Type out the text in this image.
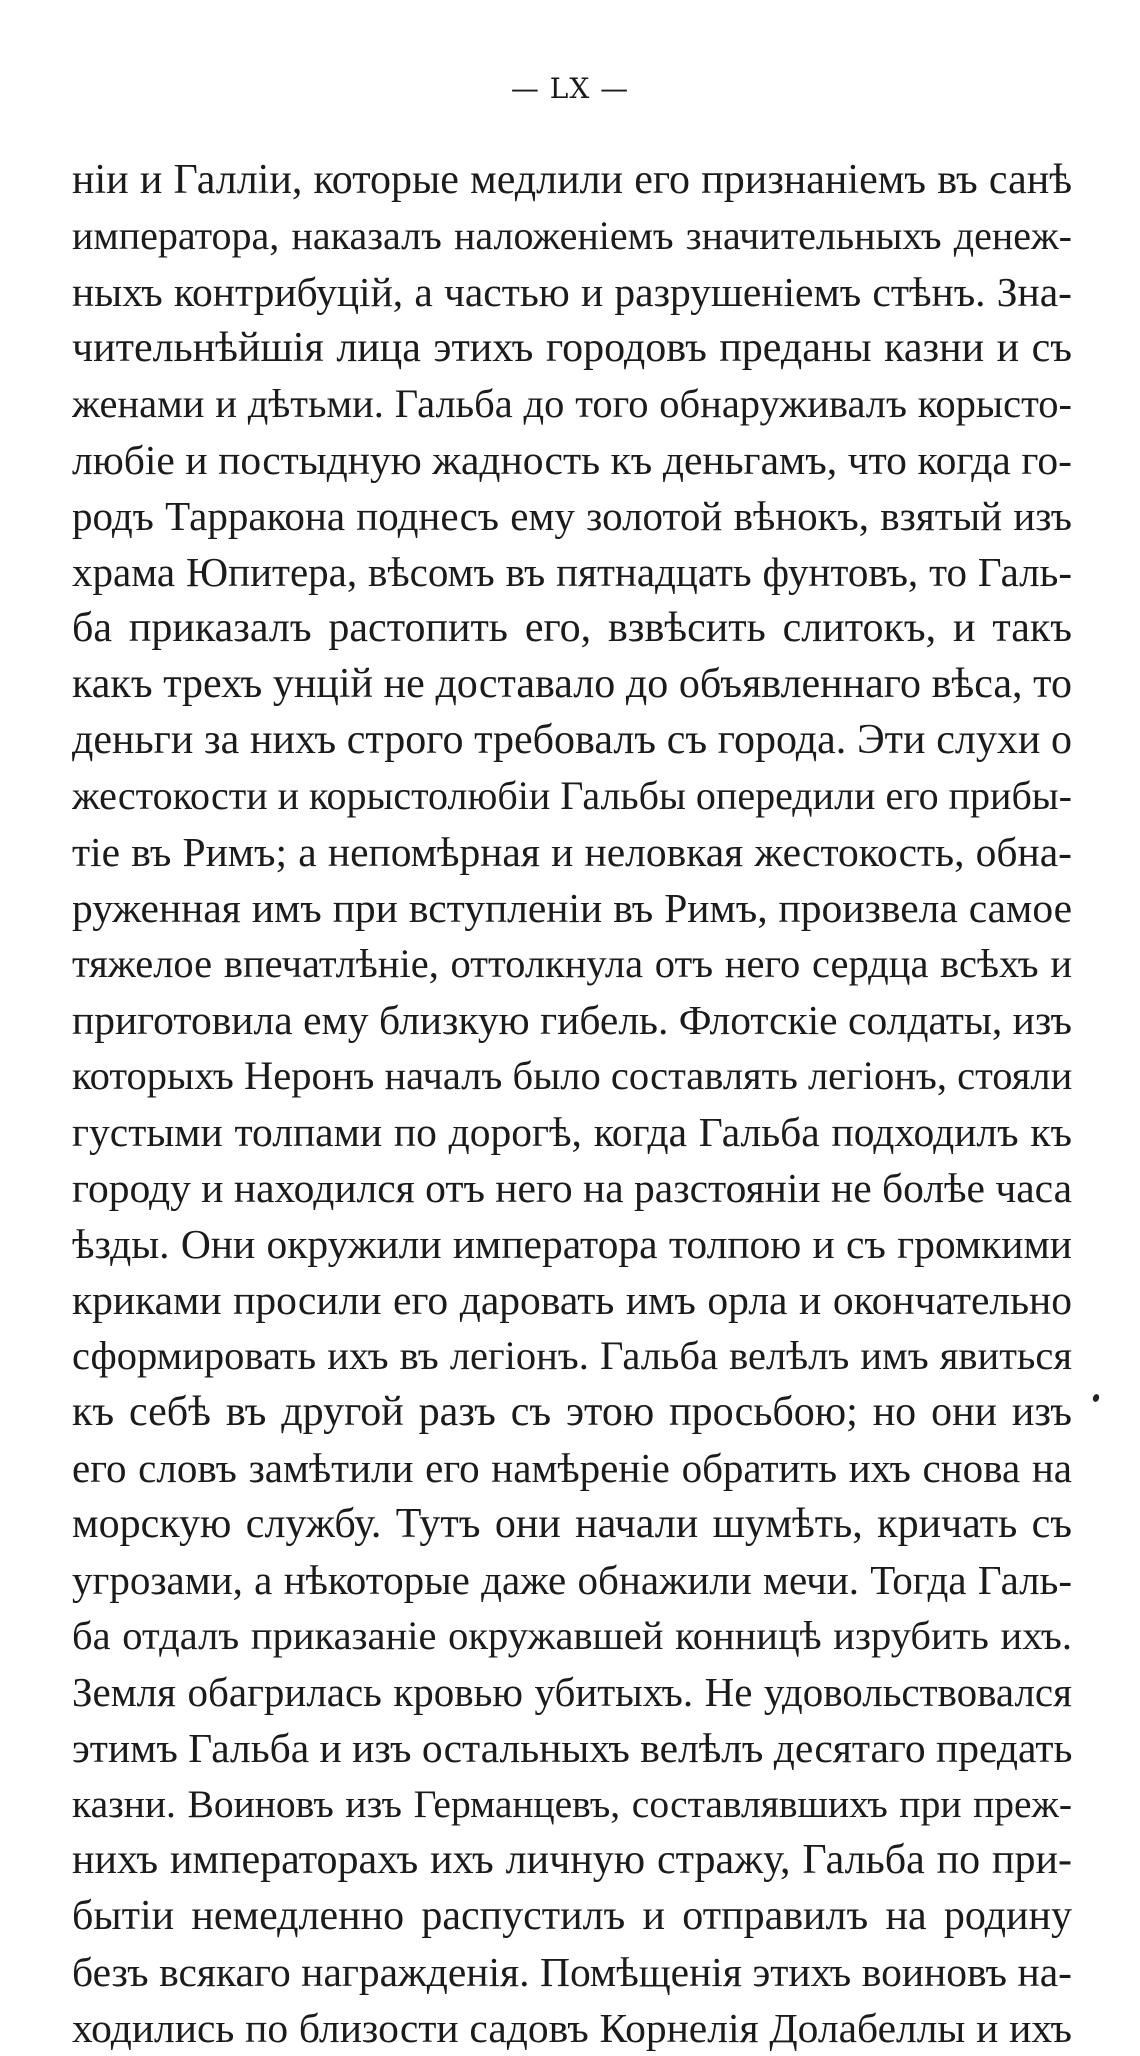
— LX —
нiи и Галлiи, которые медлили его признанiемъ въ санѣ
императора, наказалъ наложенiемъ значительныхъ денеж-
ныхъ контрибуцiй, а частью и разрушенiемъ стѣнъ. Зна-
чительнѣйшiя лица этихъ городовъ преданы казни и съ
женами и дѣтьми. Гальба до того обнаруживалъ корысто-
любiе и постыдную жадность къ деньгамъ, что когда го-
родъ Тарракона поднесъ ему золотой вѣнокъ, взятый изъ
храма Юпитера, вѣсомъ въ пятнадцать фунтовъ, то Галь-
ба приказалъ растопить его, взвѣсить слитокъ, и такъ
какъ трехъ унцiй не доставало до объявленнаго вѣса, то
деньги за нихъ строго требовалъ съ города. Эти слухи о
жестокости и корыстолюбiи Гальбы опередили его прибы-
тiе въ Римъ; а непомѣрная и неловкая жестокость, обна-
руженная имъ при вступленiи въ Римъ, произвела самое
тяжелое впечатлѣнiе, оттолкнула отъ него сердца всѣхъ и
приготовила ему близкую гибель. Флотскiе солдаты, изъ
которыхъ Неронъ началъ было составлять легiонъ, стояли
густыми толпами по дорогѣ, когда Гальба подходилъ къ
городу и находился отъ него на разстоянiи не болѣе часа
ѣзды. Они окружили императора толпою и съ громкими
криками просили его даровать имъ орла и окончательно
сформировать ихъ въ легiонъ. Гальба велѣлъ имъ явиться
къ себѣ въ другой разъ съ этою просьбою; но они изъ
его словъ замѣтили его намѣренiе обратить ихъ снова на
морскую службу. Тутъ они начали шумѣть, кричать съ
угрозами, а нѣкоторые даже обнажили мечи. Тогда Галь-
ба отдалъ приказанiе окружавшей конницѣ изрубить ихъ.
Земля обагрилась кровью убитыхъ. Не удовольствовался
этимъ Гальба и изъ остальныхъ велѣлъ десятаго предать
казни. Воиновъ изъ Германцевъ, составлявшихъ при преж-
нихъ императорахъ ихъ личную стражу, Гальба по при-
бытiи немедленно распустилъ и отправилъ на родину
безъ всякаго награжденiя. Помѣщенiя этихъ воиновъ на-
ходились по близости садовъ Корнелiя Долабеллы и ихъ
